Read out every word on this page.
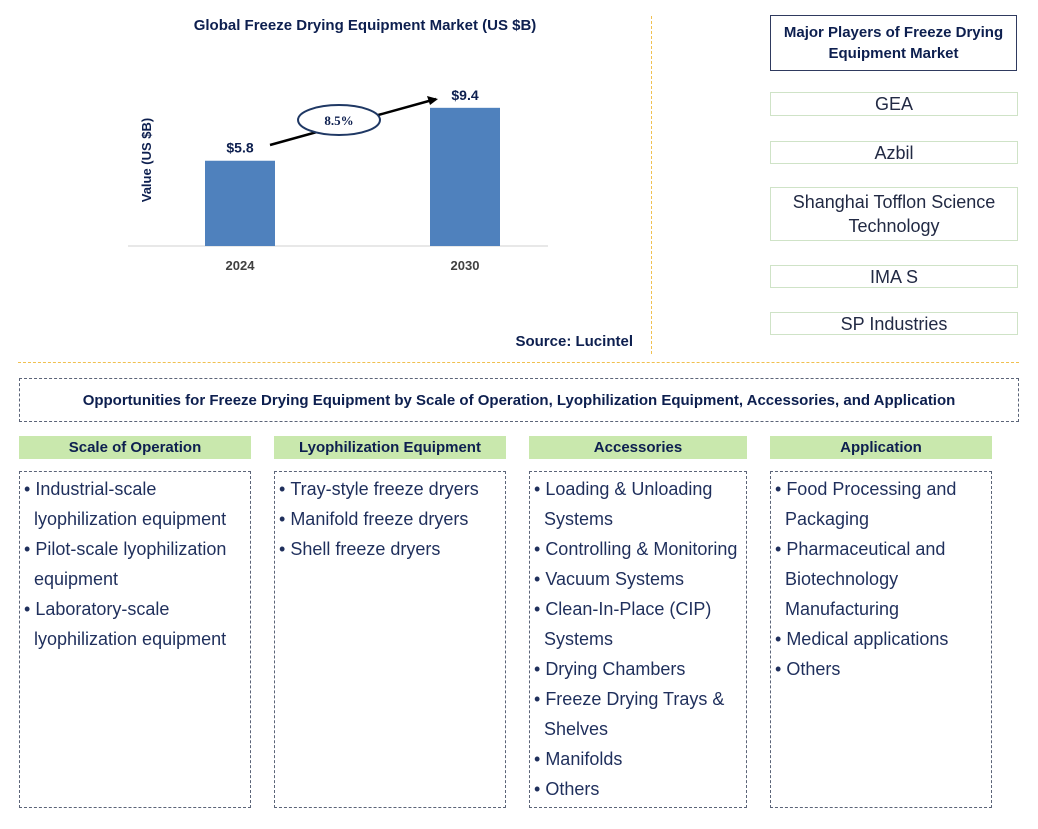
Global Freeze Drying Equipment Market (US $B)
Value (US $B)	$5.8
2024
$9.4
2030
8.5%
Source: Lucintel
Major Players of Freeze Drying Equipment Market
GEA
Azbil
Shanghai Tofflon Science Technology
IMA S
SP Industries
Opportunities for Freeze Drying Equipment by Scale of Operation, Lyophilization Equipment, Accessories, and Application
Scale of Operation	Lyophilization Equipment	Accessories	Application
• Industrial-scale lyophilization equipment
• Pilot-scale lyophilization equipment
• Laboratory-scale lyophilization equipment
• Tray-style freeze dryers
• Manifold freeze dryers
• Shell freeze dryers
• Loading & Unloading Systems
• Controlling & Monitoring
• Vacuum Systems
• Clean-In-Place (CIP) Systems
• Drying Chambers
• Freeze Drying Trays & Shelves
• Manifolds
• Others
• Food Processing and Packaging
• Pharmaceutical and Biotechnology Manufacturing
• Medical applications
• Others
